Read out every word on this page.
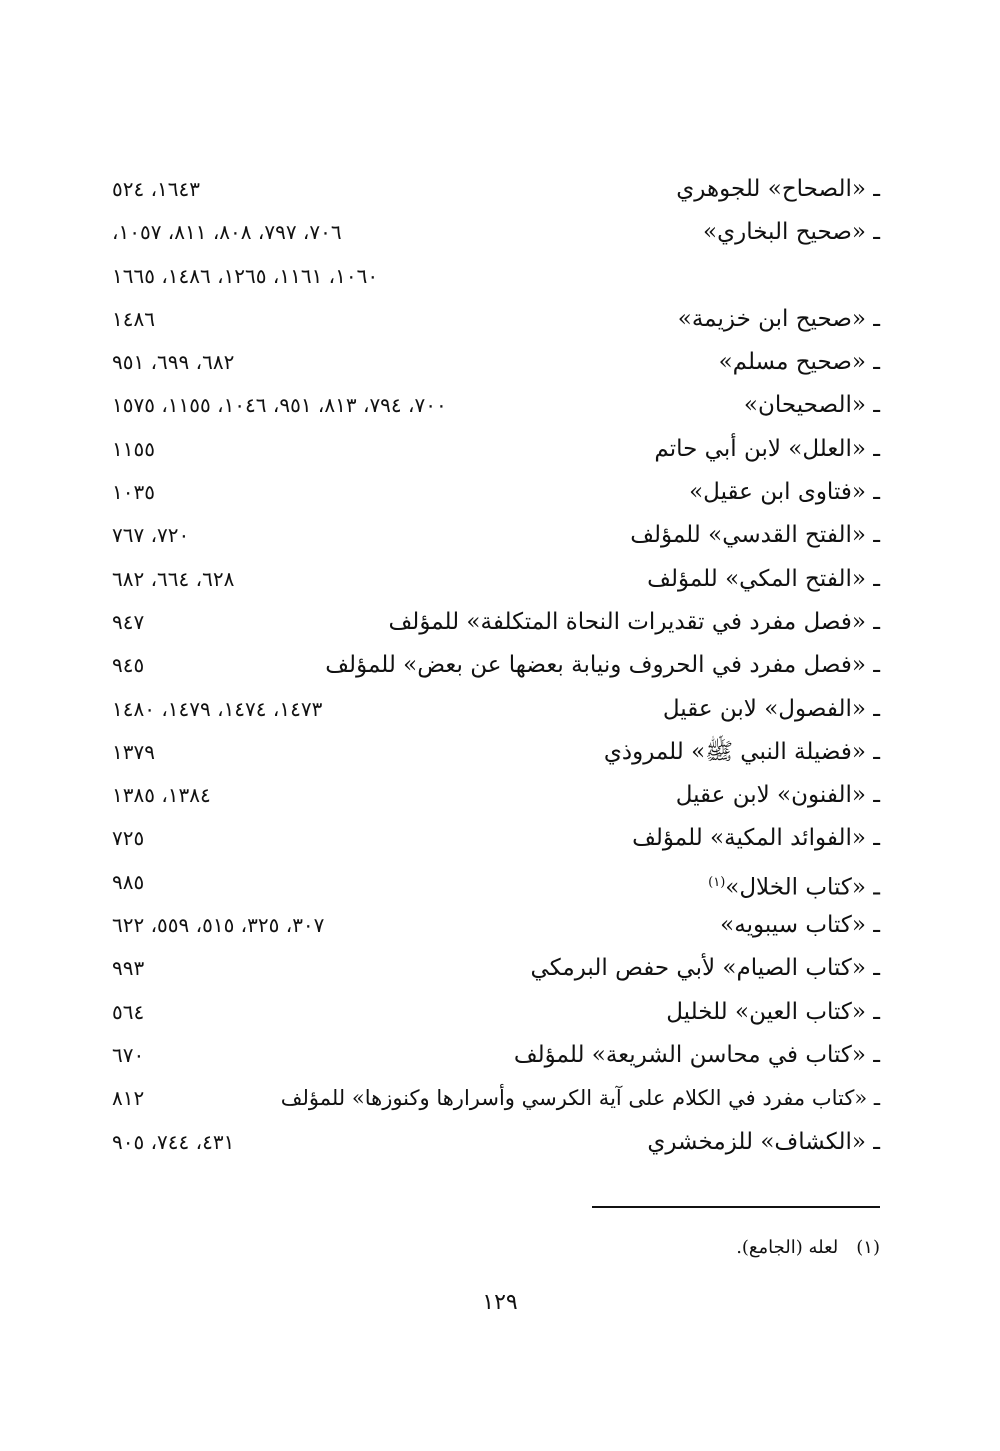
ـ «الصحاح» للجوهري
١٦٤٣، ٥٢٤
ـ «صحيح البخاري»
٧٠٦، ٧٩٧، ٨٠٨، ٨١١، ١٠٥٧،
١٠٦٠، ١١٦١، ١٢٦٥، ١٤٨٦، ١٦٦٥
ـ «صحيح ابن خزيمة»
١٤٨٦
ـ «صحيح مسلم»
٦٨٢، ٦٩٩، ٩٥١
ـ «الصحيحان»
٧٠٠، ٧٩٤، ٨١٣، ٩٥١، ١٠٤٦، ١١٥٥، ١٥٧٥
ـ «العلل» لابن أبي حاتم
١١٥٥
ـ «فتاوى ابن عقيل»
١٠٣٥
ـ «الفتح القدسي» للمؤلف
٧٢٠، ٧٦٧
ـ «الفتح المكي» للمؤلف
٦٢٨، ٦٦٤، ٦٨٢
ـ «فصل مفرد في تقديرات النحاة المتكلفة» للمؤلف
٩٤٧
ـ «فصل مفرد في الحروف ونيابة بعضها عن بعض» للمؤلف
٩٤٥
ـ «الفصول» لابن عقيل
١٤٧٣، ١٤٧٤، ١٤٧٩، ١٤٨٠
ـ «فضيلة النبي ﷺ» للمروذي
١٣٧٩
ـ «الفنون» لابن عقيل
١٣٨٤، ١٣٨٥
ـ «الفوائد المكية» للمؤلف
٧٢٥
ـ «كتاب الخلال»$^{(١)}$
٩٨٥
ـ «كتاب سيبويه»
٣٠٧، ٣٢٥، ٥١٥، ٥٥٩، ٦٢٢
ـ «كتاب الصيام» لأبي حفص البرمكي
٩٩٣
ـ «كتاب العين» للخليل
٥٦٤
ـ «كتاب في محاسن الشريعة» للمؤلف
٦٧٠
ـ «كتاب مفرد في الكلام على آية الكرسي وأسرارها وكنوزها» للمؤلف
٨١٢
ـ «الكشاف» للزمخشري
٤٣١، ٧٤٤، ٩٠٥
(١)لعله (الجامع).
١٢٩
